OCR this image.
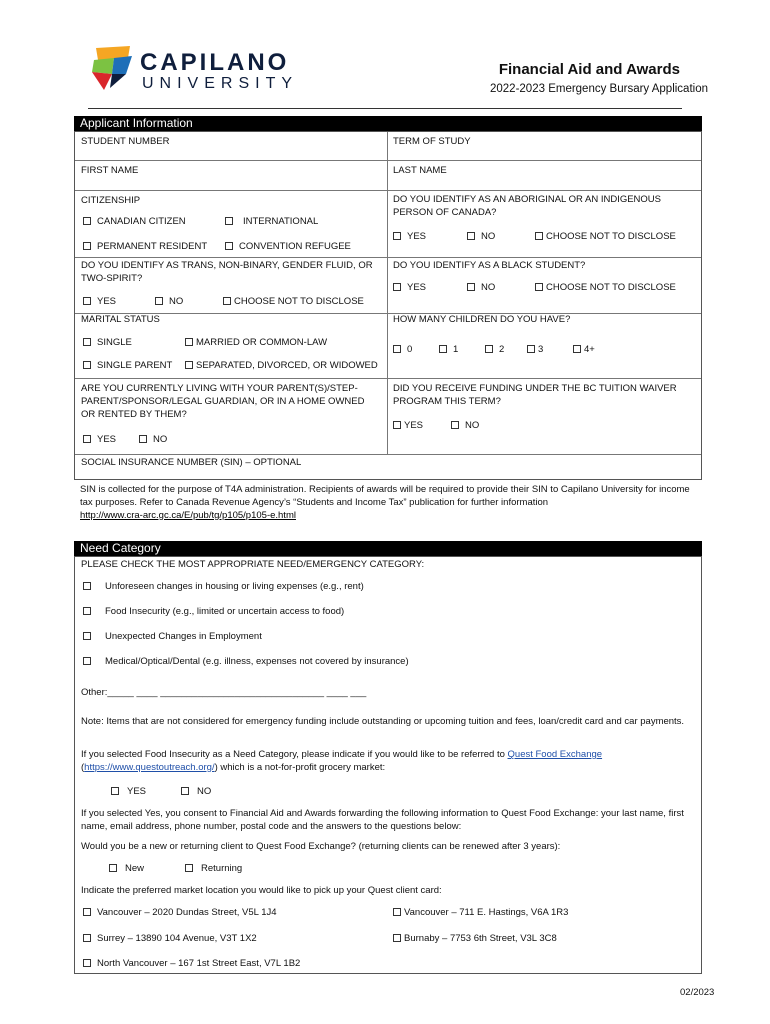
CAPILANO
UNIVERSITY
Financial Aid and Awards
2022-2023 Emergency Bursary Application
Applicant Information
STUDENT NUMBER	TERM OF STUDY
FIRST NAME	LAST NAME
CITIZENSHIP
CANADIAN CITIZEN	INTERNATIONAL
PERMANENT RESIDENT	CONVENTION REFUGEE
DO YOU IDENTIFY AS AN ABORIGINAL OR AN INDIGENOUS PERSON OF CANADA?
YES	NO	CHOOSE NOT TO DISCLOSE
DO YOU IDENTIFY AS TRANS, NON-BINARY, GENDER FLUID, OR TWO-SPIRIT?
YES	NO	CHOOSE NOT TO DISCLOSE
DO YOU IDENTIFY AS A BLACK STUDENT?
YES	NO	CHOOSE NOT TO DISCLOSE
MARITAL STATUS
SINGLE	MARRIED OR COMMON-LAW
SINGLE PARENT	SEPARATED, DIVORCED, OR WIDOWED
HOW MANY CHILDREN DO YOU HAVE?
0	1	2	3	4+
ARE YOU CURRENTLY LIVING WITH YOUR PARENT(S)/STEP-PARENT/SPONSOR/LEGAL GUARDIAN, OR IN A HOME OWNED OR RENTED BY THEM?
YES	NO
DID YOU RECEIVE FUNDING UNDER THE BC TUITION WAIVER PROGRAM THIS TERM?
YES	NO
SOCIAL INSURANCE NUMBER (SIN) – OPTIONAL
SIN is collected for the purpose of T4A administration. Recipients of awards will be required to provide their SIN to Capilano University for income tax purposes. Refer to Canada Revenue Agency’s “Students and Income Tax” publication for further information
http://www.cra-arc.gc.ca/E/pub/tg/p105/p105-e.html
Need Category
PLEASE CHECK THE MOST APPROPRIATE NEED/EMERGENCY CATEGORY:
Unforeseen changes in housing or living expenses (e.g., rent)
Food Insecurity (e.g., limited or uncertain access to food)
Unexpected Changes in Employment
Medical/Optical/Dental (e.g. illness, expenses not covered by insurance)
Other:_____ ____ _______________________________ ____ ___
Note: Items that are not considered for emergency funding include outstanding or upcoming tuition and fees, loan/credit card and car payments.
If you selected Food Insecurity as a Need Category, please indicate if you would like to be referred to Quest Food Exchange
(https://www.questoutreach.org/) which is a not-for-profit grocery market:
YES	NO
If you selected Yes, you consent to Financial Aid and Awards forwarding the following information to Quest Food Exchange: your last name, first name, email address, phone number, postal code and the answers to the questions below:
Would you be a new or returning client to Quest Food Exchange? (returning clients can be renewed after 3 years):
New	Returning
Indicate the preferred market location you would like to pick up your Quest client card:
Vancouver – 2020 Dundas Street, V5L 1J4	Vancouver – 711 E. Hastings, V6A 1R3
Surrey – 13890 104 Avenue, V3T 1X2	Burnaby – 7753 6th Street, V3L 3C8
North Vancouver – 167 1st Street East, V7L 1B2
02/2023
